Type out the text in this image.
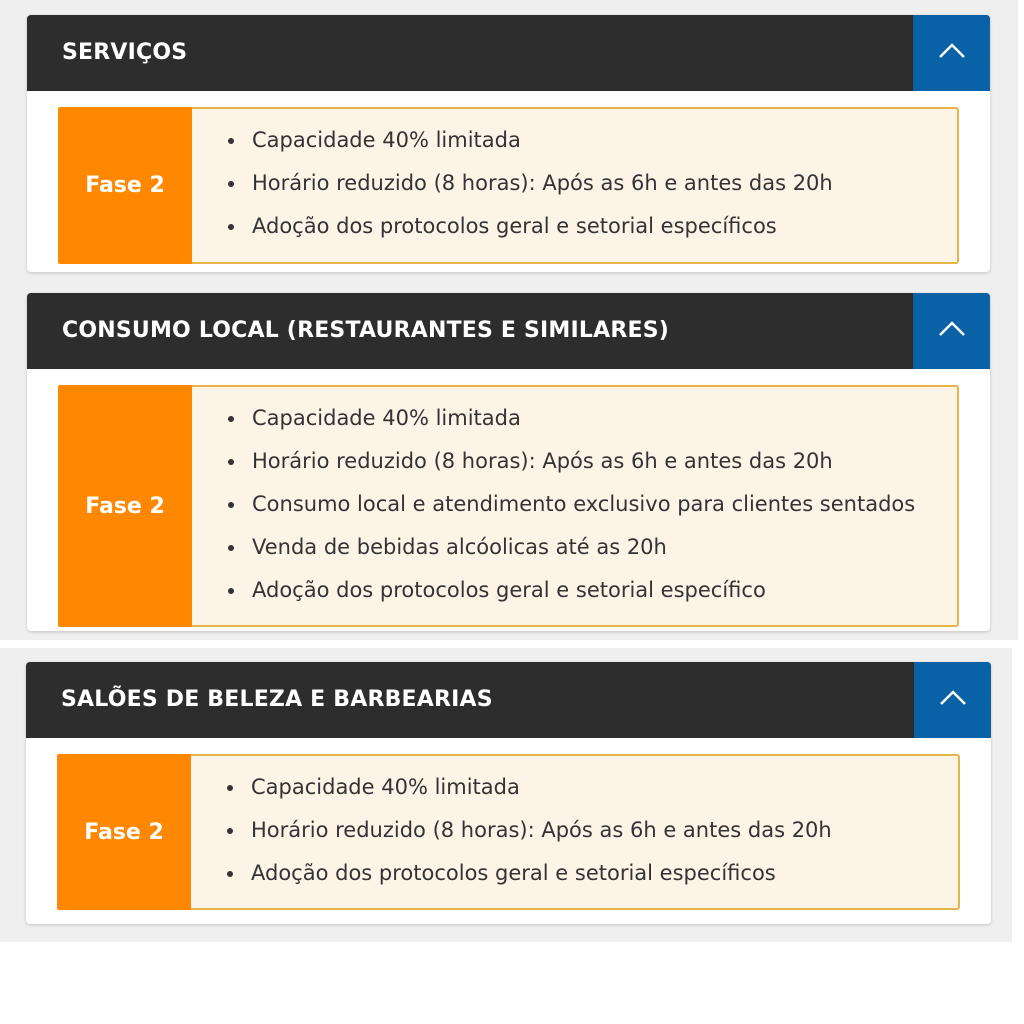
SERVIÇOS
Fase 2
Capacidade 40% limitada
Horário reduzido (8 horas): Após as 6h e antes das 20h
Adoção dos protocolos geral e setorial específicos
CONSUMO LOCAL (RESTAURANTES E SIMILARES)
Fase 2
Capacidade 40% limitada
Horário reduzido (8 horas): Após as 6h e antes das 20h
Consumo local e atendimento exclusivo para clientes sentados
Venda de bebidas alcóolicas até as 20h
Adoção dos protocolos geral e setorial específico
SALÕES DE BELEZA E BARBEARIAS
Fase 2
Capacidade 40% limitada
Horário reduzido (8 horas): Após as 6h e antes das 20h
Adoção dos protocolos geral e setorial específicos
